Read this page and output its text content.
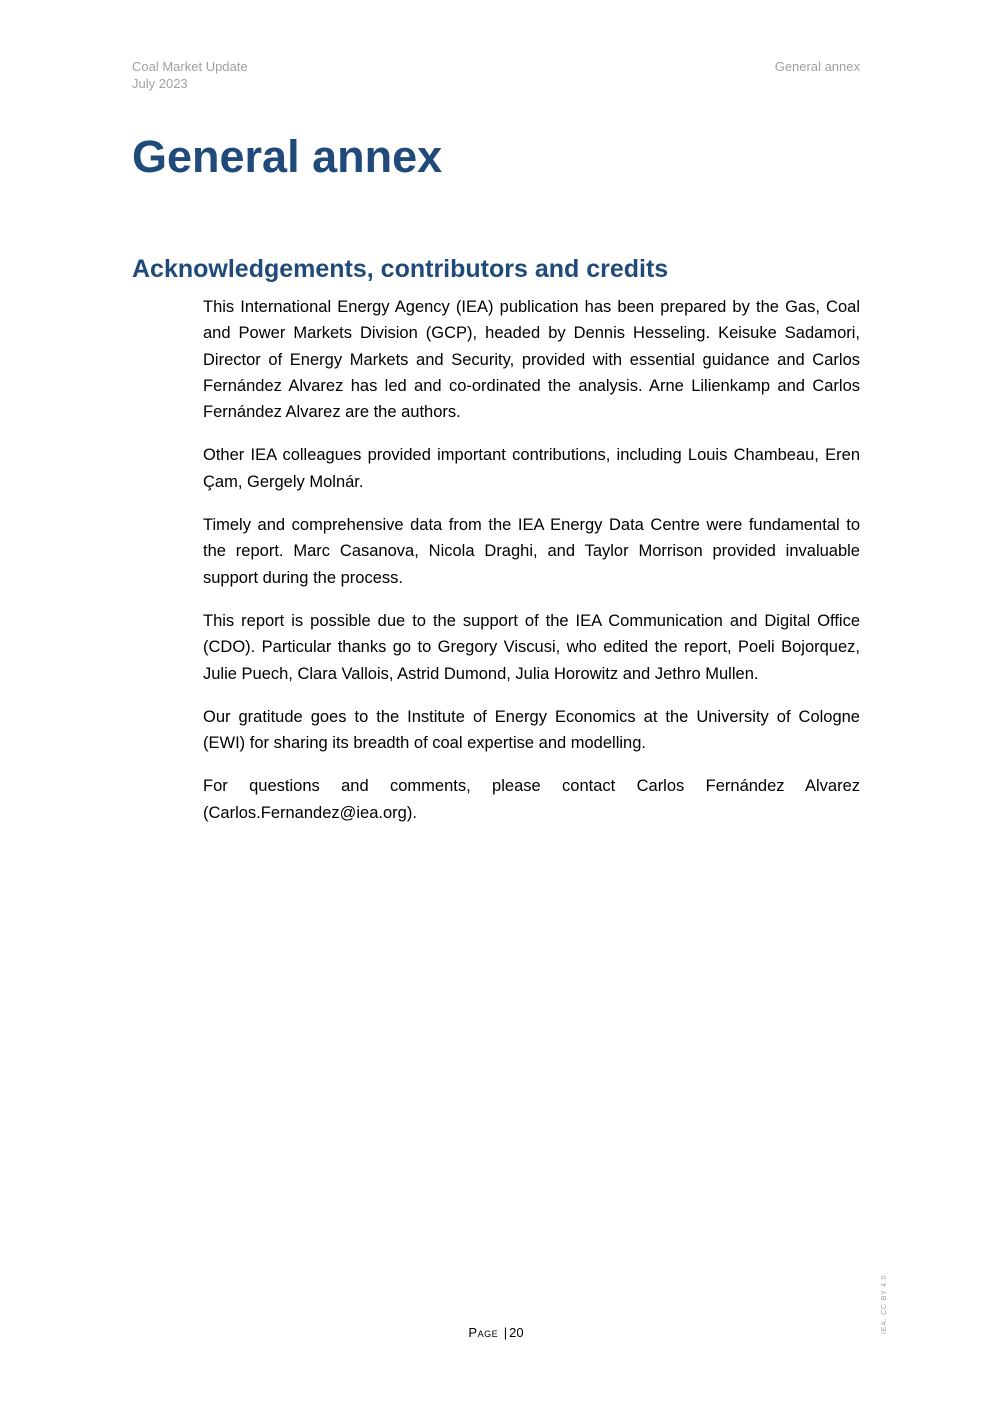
Coal Market Update
July 2023
General annex
General annex
Acknowledgements, contributors and credits

This International Energy Agency (IEA) publication has been prepared by the Gas, Coal and Power Markets Division (GCP), headed by Dennis Hesseling. Keisuke Sadamori, Director of Energy Markets and Security, provided with essential guidance and Carlos Fernández Alvarez has led and co-ordinated the analysis. Arne Lilienkamp and Carlos Fernández Alvarez are the authors.

Other IEA colleagues provided important contributions, including Louis Chambeau, Eren Çam, Gergely Molnár.

Timely and comprehensive data from the IEA Energy Data Centre were fundamental to the report. Marc Casanova, Nicola Draghi, and Taylor Morrison provided invaluable support during the process.

This report is possible due to the support of the IEA Communication and Digital Office (CDO). Particular thanks go to Gregory Viscusi, who edited the report, Poeli Bojorquez, Julie Puech, Clara Vallois, Astrid Dumond, Julia Horowitz and Jethro Mullen.

Our gratitude goes to the Institute of Energy Economics at the University of Cologne (EWI) for sharing its breadth of coal expertise and modelling.

For questions and comments, please contact Carlos Fernández Alvarez (Carlos.Fernandez@iea.org).

Page | 20	IEA. CC BY 4.0.
